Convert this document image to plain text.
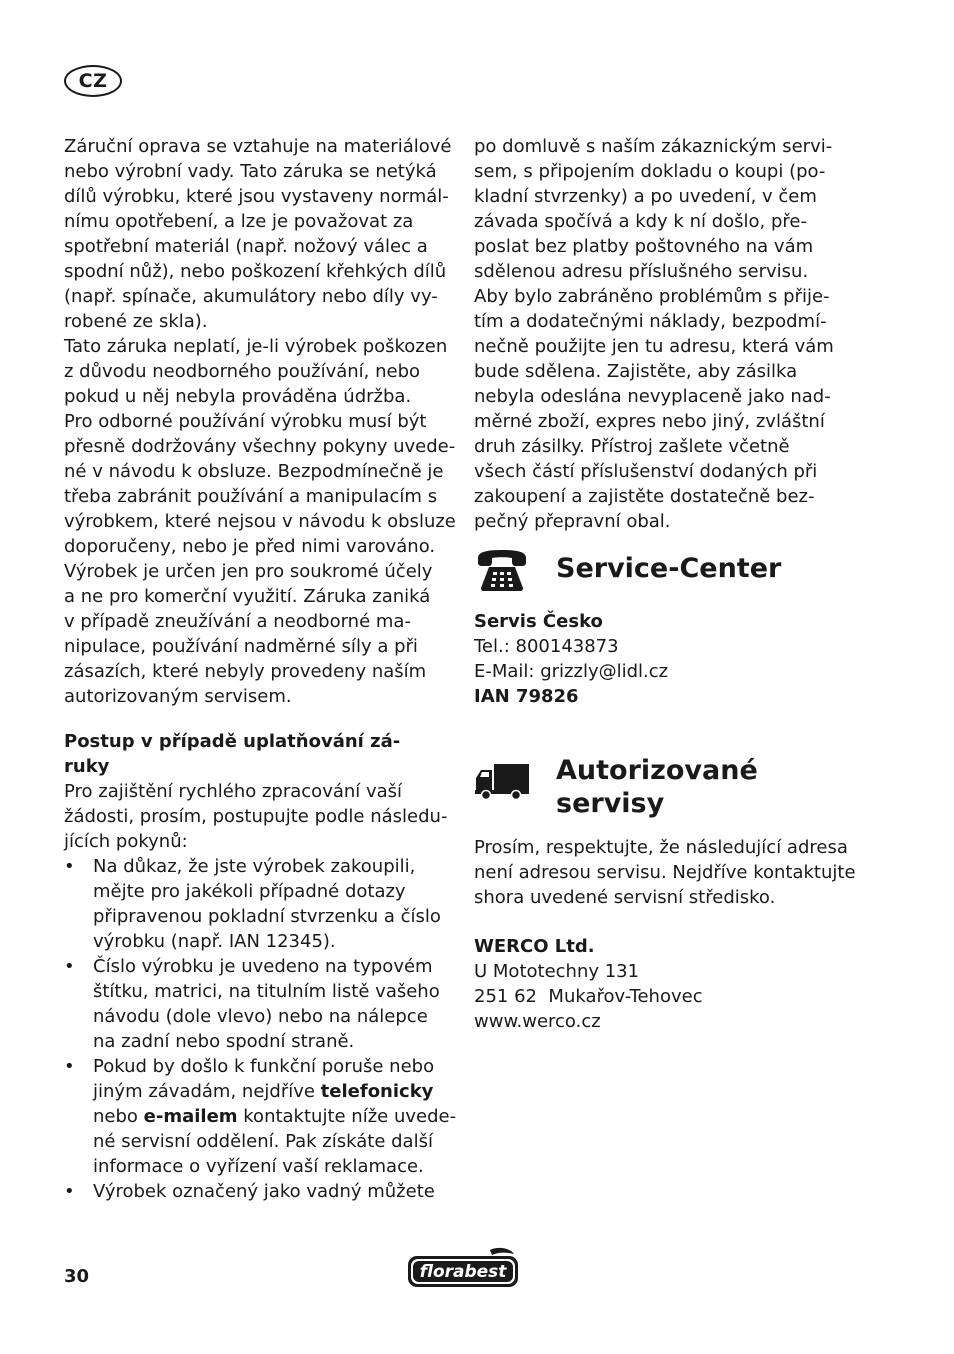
CZ

Záruční oprava se vztahuje na materiálové
nebo výrobní vady. Tato záruka se netýká
dílů výrobku, které jsou vystaveny normál-
nímu opotřebení, a lze je považovat za
spotřební materiál (např. nožový válec a
spodní nůž), nebo poškození křehkých dílů
(např. spínače, akumulátory nebo díly vy-
robené ze skla).

Tato záruka neplatí, je-li výrobek poškozen
z důvodu neodborného používání, nebo
pokud u něj nebyla prováděna údržba.
Pro odborné používání výrobku musí být
přesně dodržovány všechny pokyny uvede-
né v návodu k obsluze. Bezpodmínečně je
třeba zabránit používání a manipulacím s
výrobkem, které nejsou v návodu k obsluze
doporučeny, nebo je před nimi varováno.
Výrobek je určen jen pro soukromé účely
a ne pro komerční využití. Záruka zaniká
v případě zneužívání a neodborné ma-
nipulace, používání nadměrné síly a při
zásazích, které nebyly provedeny naším
autorizovaným servisem.

Postup v případě uplatňování zá-
ruky

Pro zajištění rychlého zpracování vaší
žádosti, prosím, postupujte podle následu-
jících pokynů:

• Na důkaz, že jste výrobek zakoupili,
mějte pro jakékoli případné dotazy
připravenou pokladní stvrzenku a číslo
výrobku (např. IAN 12345).
• Číslo výrobku je uvedeno na typovém
štítku, matrici, na titulním listě vašeho
návodu (dole vlevo) nebo na nálepce
na zadní nebo spodní straně.
• Pokud by došlo k funkční poruše nebo
jiným závadám, nejdříve telefonicky
nebo e-mailem kontaktujte níže uvede-
né servisní oddělení. Pak získáte další
informace o vyřízení vaší reklamace.
• Výrobek označený jako vadný můžete

po domluvě s naším zákaznickým servi-
sem, s připojením dokladu o koupi (po-
kladní stvrzenky) a po uvedení, v čem
závada spočívá a kdy k ní došlo, pře-
poslat bez platby poštovného na vám
sdělenou adresu příslušného servisu.
Aby bylo zabráněno problémům s přije-
tím a dodatečnými náklady, bezpodmí-
nečně použijte jen tu adresu, která vám
bude sdělena. Zajistěte, aby zásilka
nebyla odeslána nevyplaceně jako nad-
měrné zboží, expres nebo jiný, zvláštní
druh zásilky. Přístroj zašlete včetně
všech částí příslušenství dodaných při
zakoupení a zajistěte dostatečně bez-
pečný přepravní obal.

Service-Center
Servis Česko
Tel.: 800143873
E-Mail: grizzly@lidl.cz
IAN 79826
Autorizované
servisy
Prosím, respektujte, že následující adresa
není adresou servisu. Nejdříve kontaktujte
shora uvedené servisní středisko.
WERCO Ltd.
U Mototechny 131
251 62  Mukařov-Tehovec
www.werco.cz
30	florabest
